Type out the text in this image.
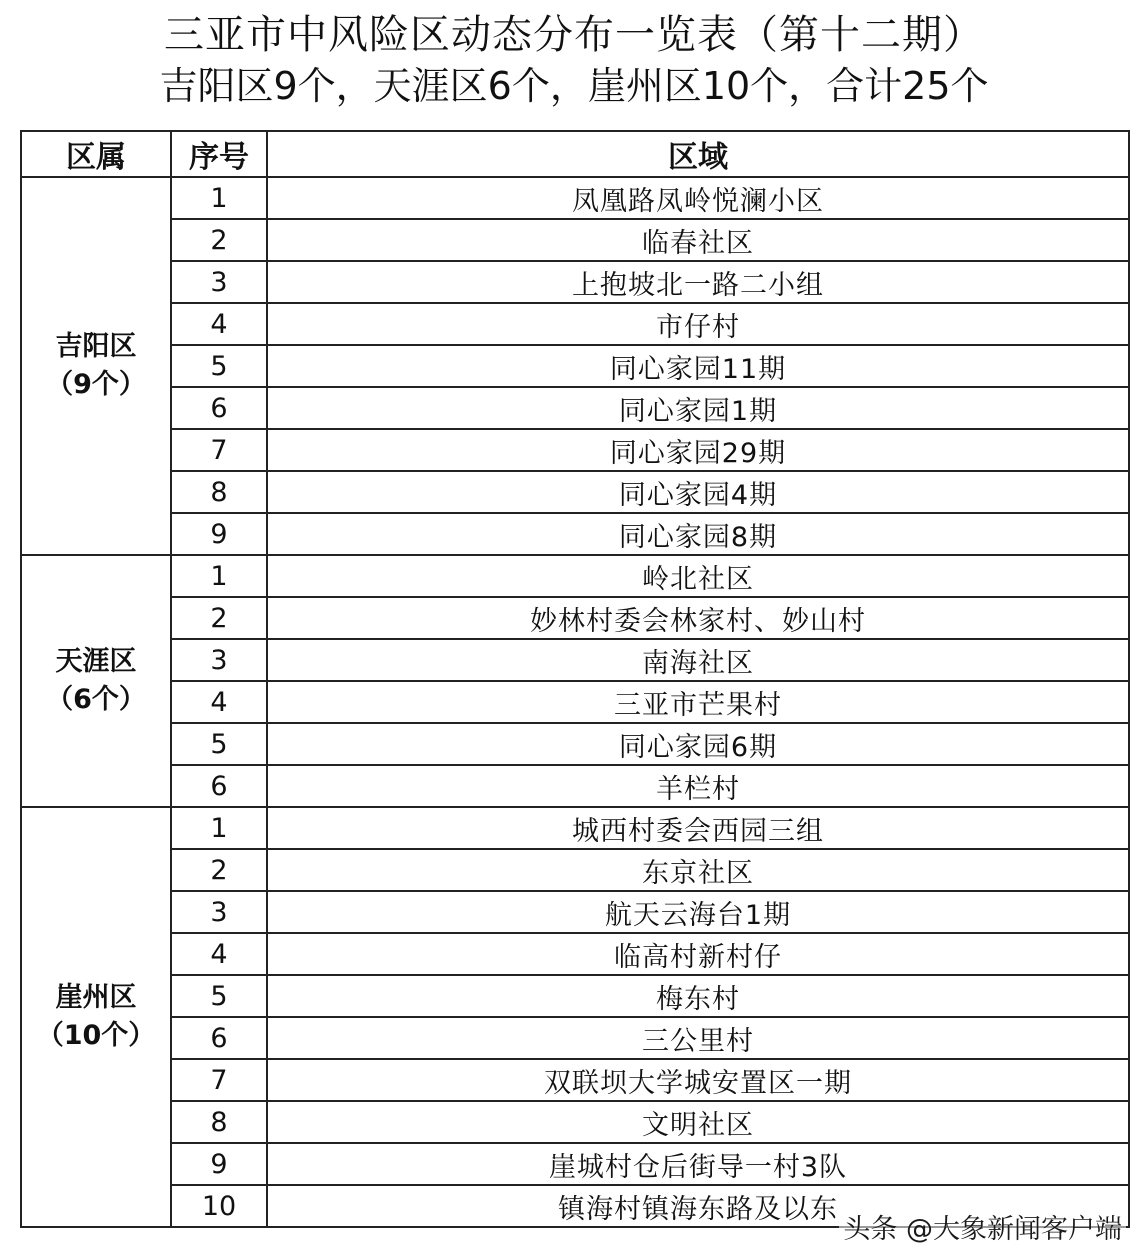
三亚市中风险区动态分布一览表（第十二期）
吉阳区9个，天涯区6个，崖州区10个，合计25个
区属	序号	区域

吉阳区
（9个）	1	凤凰路凤岭悦澜小区
	2	临春社区
	3	上抱坡北一路二小组
	4	市仔村
	5	同心家园11期
	6	同心家园1期
	7	同心家园29期
	8	同心家园4期
	9	同心家园8期

天涯区
（6个）	1	岭北社区
	2	妙林村委会林家村、妙山村
	3	南海社区
	4	三亚市芒果村
	5	同心家园6期
	6	羊栏村

崖州区
（10个）	1	城西村委会西园三组
	2	东京社区
	3	航天云海台1期
	4	临高村新村仔
	5	梅东村
	6	三公里村
	7	双联坝大学城安置区一期
	8	文明社区
	9	崖城村仓后街导一村3队
	10	镇海村镇海东路及以东
头条 @大象新闻客户端
